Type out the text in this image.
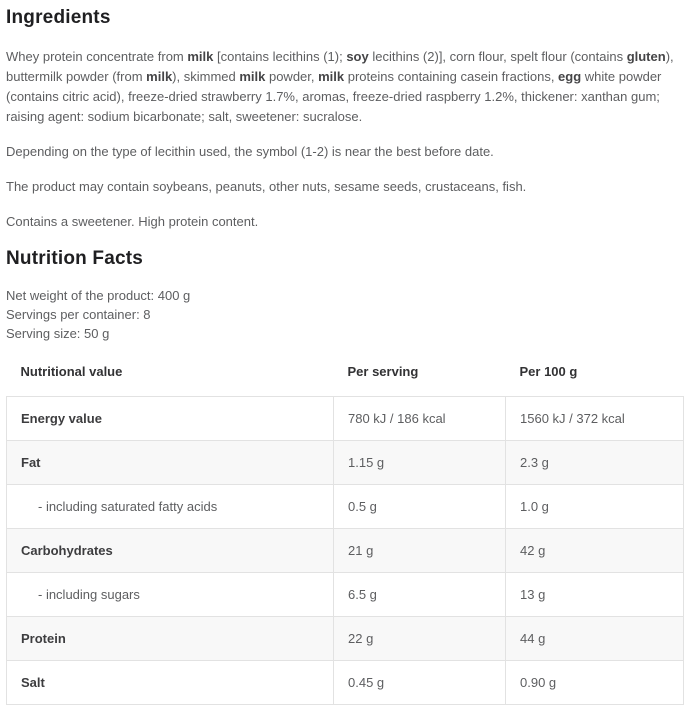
Ingredients

Whey protein concentrate from milk [contains lecithins (1); soy lecithins (2)], corn flour, spelt flour (contains gluten), buttermilk powder (from milk), skimmed milk powder, milk proteins containing casein fractions, egg white powder (contains citric acid), freeze-dried strawberry 1.7%, aromas, freeze-dried raspberry 1.2%, thickener: xanthan gum; raising agent: sodium bicarbonate; salt, sweetener: sucralose.

Depending on the type of lecithin used, the symbol (1-2) is near the best before date.

The product may contain soybeans, peanuts, other nuts, sesame seeds, crustaceans, fish.

Contains a sweetener. High protein content.

Nutrition Facts

Net weight of the product: 400 g

Servings per container: 8

Serving size: 50 g

Nutritional value	Per serving	Per 100 g
Energy value	780 kJ / 186 kcal	1560 kJ / 372 kcal
Fat	1.15 g	2.3 g
- including saturated fatty acids	0.5 g	1.0 g
Carbohydrates	21 g	42 g
- including sugars	6.5 g	13 g
Protein	22 g	44 g
Salt	0.45 g	0.90 g
